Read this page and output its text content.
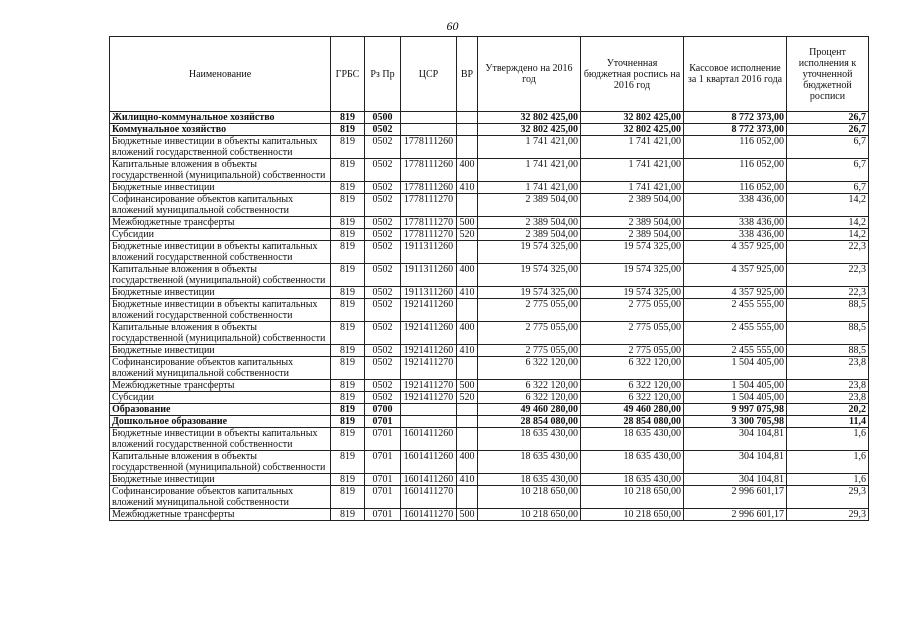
60
Наименование	ГРБС	Рз Пр	ЦСР	ВР	Утверждено на 2016 год	Уточненная бюджетная роспись на 2016 год	Кассовое исполнение за 1 квартал 2016 года	Процент исполнения к уточненной бюджетной росписи
Жилищно-коммунальное хозяйство	819	0500			32 802 425,00	32 802 425,00	8 772 373,00	26,7
Коммунальное хозяйство	819	0502			32 802 425,00	32 802 425,00	8 772 373,00	26,7
Бюджетные инвестиции в объекты капитальных вложений государственной собственности	819	0502	1778111260		1 741 421,00	1 741 421,00	116 052,00	6,7
Капитальные вложения в объекты государственной (муниципальной) собственности	819	0502	1778111260	400	1 741 421,00	1 741 421,00	116 052,00	6,7
Бюджетные инвестиции	819	0502	1778111260	410	1 741 421,00	1 741 421,00	116 052,00	6,7
Софинансирование объектов капитальных вложений муниципальной собственности	819	0502	1778111270		2 389 504,00	2 389 504,00	338 436,00	14,2
Межбюджетные трансферты	819	0502	1778111270	500	2 389 504,00	2 389 504,00	338 436,00	14,2
Субсидии	819	0502	1778111270	520	2 389 504,00	2 389 504,00	338 436,00	14,2
Бюджетные инвестиции в объекты капитальных вложений государственной собственности	819	0502	1911311260		19 574 325,00	19 574 325,00	4 357 925,00	22,3
Капитальные вложения в объекты государственной (муниципальной) собственности	819	0502	1911311260	400	19 574 325,00	19 574 325,00	4 357 925,00	22,3
Бюджетные инвестиции	819	0502	1911311260	410	19 574 325,00	19 574 325,00	4 357 925,00	22,3
Бюджетные инвестиции в объекты капитальных вложений государственной собственности	819	0502	1921411260		2 775 055,00	2 775 055,00	2 455 555,00	88,5
Капитальные вложения в объекты государственной (муниципальной) собственности	819	0502	1921411260	400	2 775 055,00	2 775 055,00	2 455 555,00	88,5
Бюджетные инвестиции	819	0502	1921411260	410	2 775 055,00	2 775 055,00	2 455 555,00	88,5
Софинансирование объектов капитальных вложений муниципальной собственности	819	0502	1921411270		6 322 120,00	6 322 120,00	1 504 405,00	23,8
Межбюджетные трансферты	819	0502	1921411270	500	6 322 120,00	6 322 120,00	1 504 405,00	23,8
Субсидии	819	0502	1921411270	520	6 322 120,00	6 322 120,00	1 504 405,00	23,8
Образование	819	0700			49 460 280,00	49 460 280,00	9 997 075,98	20,2
Дошкольное образование	819	0701			28 854 080,00	28 854 080,00	3 300 705,98	11,4
Бюджетные инвестиции в объекты капитальных вложений государственной собственности	819	0701	1601411260		18 635 430,00	18 635 430,00	304 104,81	1,6
Капитальные вложения в объекты государственной (муниципальной) собственности	819	0701	1601411260	400	18 635 430,00	18 635 430,00	304 104,81	1,6
Бюджетные инвестиции	819	0701	1601411260	410	18 635 430,00	18 635 430,00	304 104,81	1,6
Софинансирование объектов капитальных вложений муниципальной собственности	819	0701	1601411270		10 218 650,00	10 218 650,00	2 996 601,17	29,3
Межбюджетные трансферты	819	0701	1601411270	500	10 218 650,00	10 218 650,00	2 996 601,17	29,3
